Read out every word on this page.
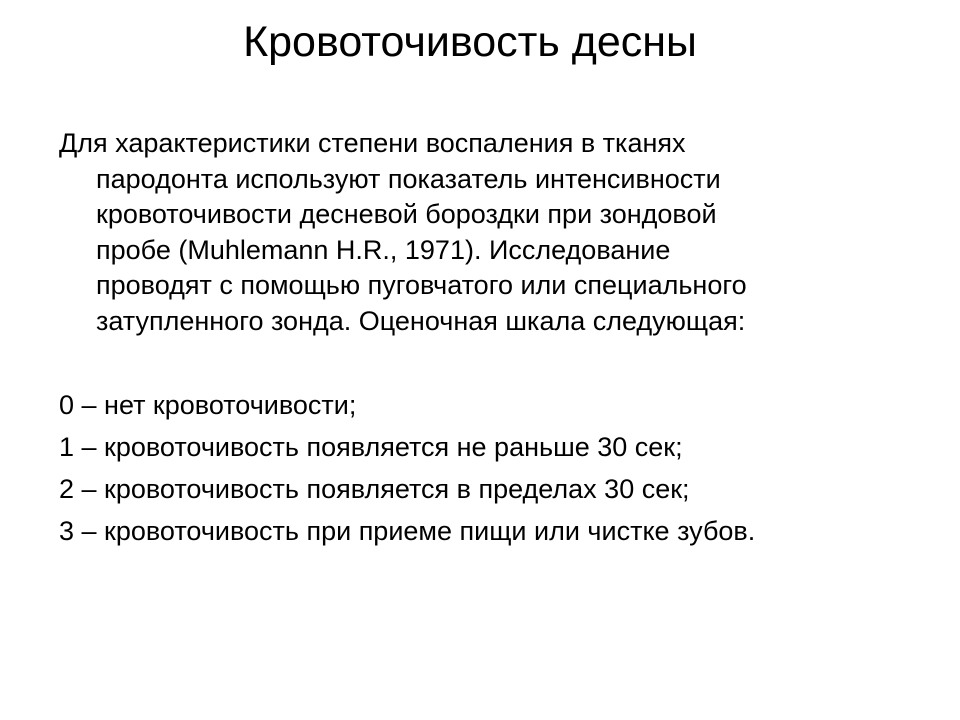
Кровоточивость десны
Для характеристики степени воспаления в тканях
пародонта используют показатель интенсивности
кровоточивости десневой бороздки при зондовой
пробе (Muhlemann H.R., 1971). Исследование
проводят с помощью пуговчатого или специального
затупленного зонда. Оценочная шкала следующая:
0 – нет кровоточивости;
1 – кровоточивость появляется не раньше 30 сек;
2 – кровоточивость появляется в пределах 30 сек;
3 – кровоточивость при приеме пищи или чистке зубов.
